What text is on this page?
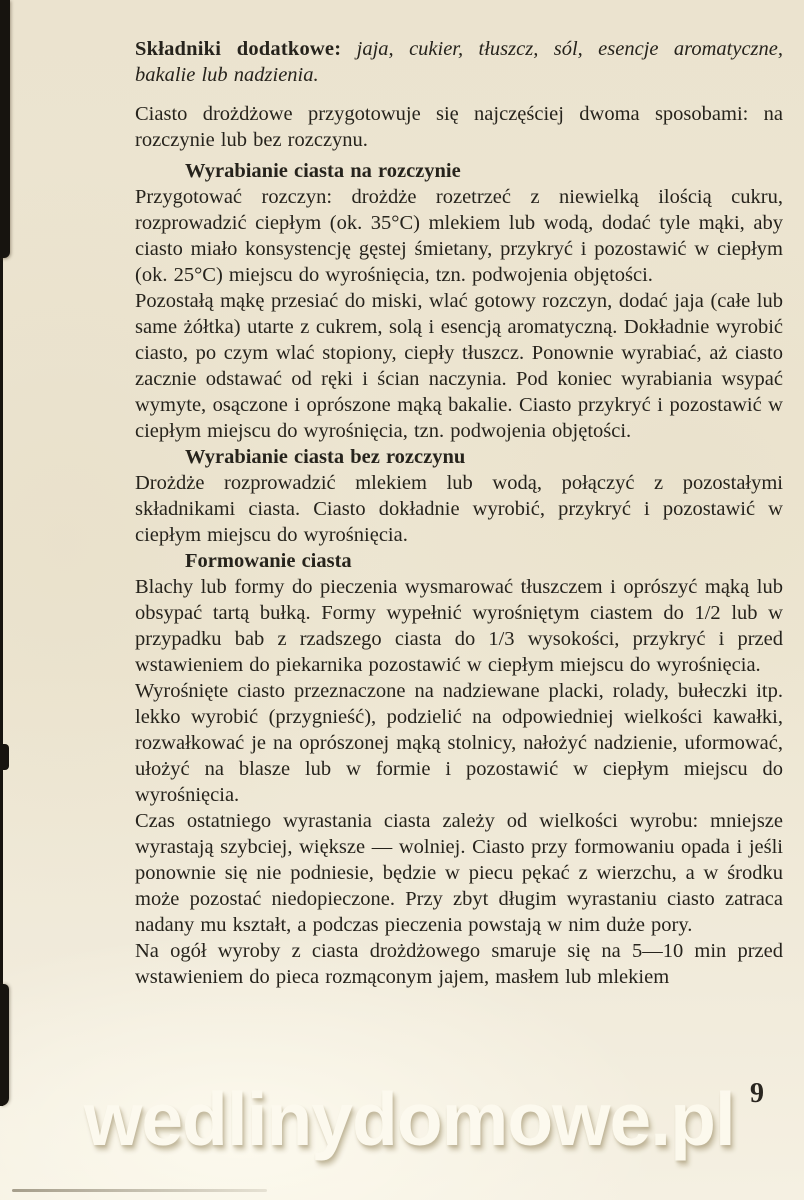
Składniki dodatkowe: jaja, cukier, tłuszcz, sól, esencje aromatyczne, bakalie lub nadzienia.

Ciasto drożdżowe przygotowuje się najczęściej dwoma sposobami: na rozczynie lub bez rozczynu.

Wyrabianie ciasta na rozczynie

Przygotować rozczyn: drożdże rozetrzeć z niewielką ilością cukru, rozprowadzić ciepłym (ok. 35°C) mlekiem lub wodą, dodać tyle mąki, aby ciasto miało konsystencję gęstej śmietany, przykryć i pozostawić w ciepłym (ok. 25°C) miejscu do wyrośnięcia, tzn. podwojenia objętości.

Pozostałą mąkę przesiać do miski, wlać gotowy rozczyn, dodać jaja (całe lub same żółtka) utarte z cukrem, solą i esencją aromatyczną. Dokładnie wyrobić ciasto, po czym wlać stopiony, ciepły tłuszcz. Ponownie wyrabiać, aż ciasto zacznie odstawać od ręki i ścian naczynia. Pod koniec wyrabiania wsypać wymyte, osączone i oprószone mąką bakalie. Ciasto przykryć i pozostawić w ciepłym miejscu do wyrośnięcia, tzn. podwojenia objętości.

Wyrabianie ciasta bez rozczynu

Drożdże rozprowadzić mlekiem lub wodą, połączyć z pozostałymi składnikami ciasta. Ciasto dokładnie wyrobić, przykryć i pozostawić w ciepłym miejscu do wyrośnięcia.

Formowanie ciasta

Blachy lub formy do pieczenia wysmarować tłuszczem i oprószyć mąką lub obsypać tartą bułką. Formy wypełnić wyrośniętym ciastem do 1/2 lub w przypadku bab z rzadszego ciasta do 1/3 wysokości, przykryć i przed wstawieniem do piekarnika pozostawić w ciepłym miejscu do wyrośnięcia.

Wyrośnięte ciasto przeznaczone na nadziewane placki, rolady, bułeczki itp. lekko wyrobić (przygnieść), podzielić na odpowiedniej wielkości kawałki, rozwałkować je na oprószonej mąką stolnicy, nałożyć nadzienie, uformować, ułożyć na blasze lub w formie i pozostawić w ciepłym miejscu do wyrośnięcia.

Czas ostatniego wyrastania ciasta zależy od wielkości wyrobu: mniejsze wyrastają szybciej, większe — wolniej. Ciasto przy formowaniu opada i jeśli ponownie się nie podniesie, będzie w piecu pękać z wierzchu, a w środku może pozostać niedopieczone. Przy zbyt długim wyrastaniu ciasto zatraca nadany mu kształt, a podczas pieczenia powstają w nim duże pory.

Na ogół wyroby z ciasta drożdżowego smaruje się na 5—10 min przed wstawieniem do pieca rozmąconym jajem, masłem lub mlekiem

wedlinydomowe.pl 9
